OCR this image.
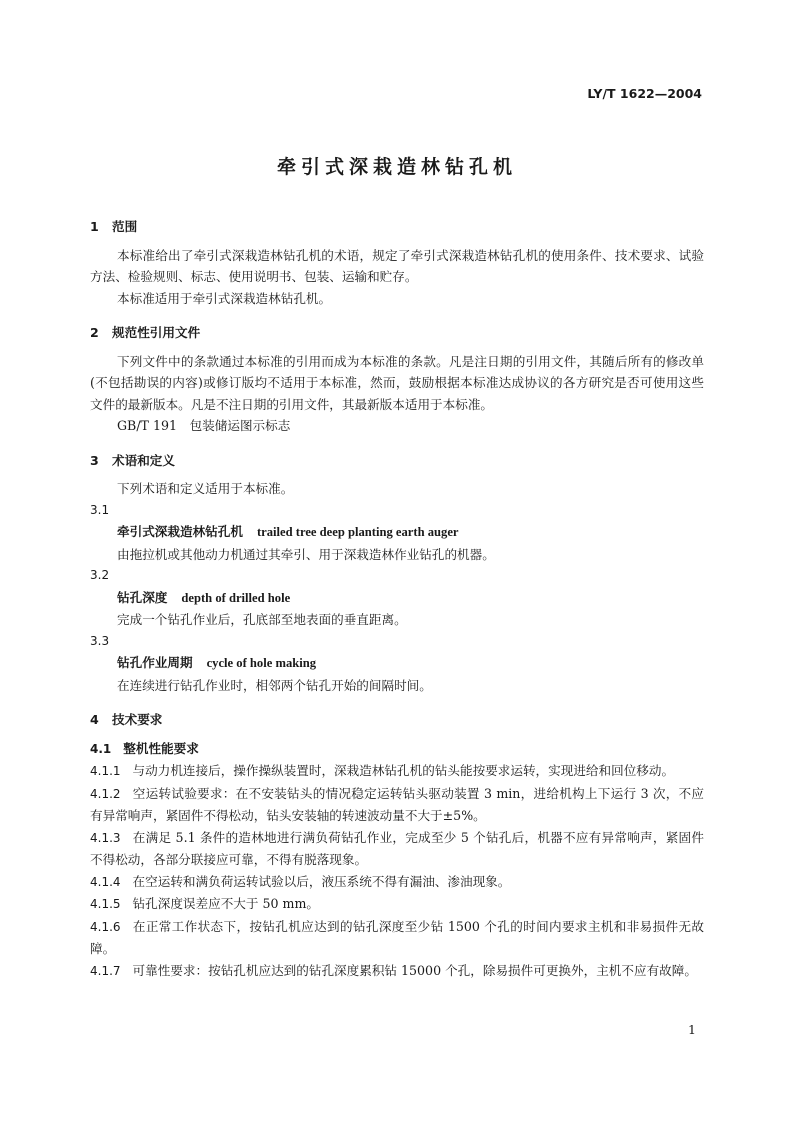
LY/T 1622—2004
牵引式深栽造林钻孔机
1 范围
本标准给出了牵引式深栽造林钻孔机的术语，规定了牵引式深栽造林钻孔机的使用条件、技术要求、试验方法、检验规则、标志、使用说明书、包装、运输和贮存。
本标准适用于牵引式深栽造林钻孔机。
2 规范性引用文件
下列文件中的条款通过本标准的引用而成为本标准的条款。凡是注日期的引用文件，其随后所有的修改单(不包括勘误的内容)或修订版均不适用于本标准，然而，鼓励根据本标准达成协议的各方研究是否可使用这些文件的最新版本。凡是不注日期的引用文件，其最新版本适用于本标准。
GB/T 191　包装储运图示标志
3 术语和定义
下列术语和定义适用于本标准。
3.1
牵引式深栽造林钻孔机 trailed tree deep planting earth auger
由拖拉机或其他动力机通过其牵引、用于深栽造林作业钻孔的机器。
3.2
钻孔深度 depth of drilled hole
完成一个钻孔作业后，孔底部至地表面的垂直距离。
3.3
钻孔作业周期 cycle of hole making
在连续进行钻孔作业时，相邻两个钻孔开始的间隔时间。
4 技术要求
4.1 整机性能要求
4.1.1 与动力机连接后，操作操纵装置时，深栽造林钻孔机的钻头能按要求运转，实现进给和回位移动。
4.1.2 空运转试验要求：在不安装钻头的情况稳定运转钻头驱动装置 3 min，进给机构上下运行 3 次，不应有异常响声，紧固件不得松动，钻头安装轴的转速波动量不大于±5%。
4.1.3 在满足 5.1 条件的造林地进行满负荷钻孔作业，完成至少 5 个钻孔后，机器不应有异常响声，紧固件不得松动，各部分联接应可靠，不得有脱落现象。
4.1.4 在空运转和满负荷运转试验以后，液压系统不得有漏油、渗油现象。
4.1.5 钻孔深度误差应不大于 50 mm。
4.1.6 在正常工作状态下，按钻孔机应达到的钻孔深度至少钻 1500 个孔的时间内要求主机和非易损件无故障。
4.1.7 可靠性要求：按钻孔机应达到的钻孔深度累积钻 15000 个孔，除易损件可更换外，主机不应有故障。
1
